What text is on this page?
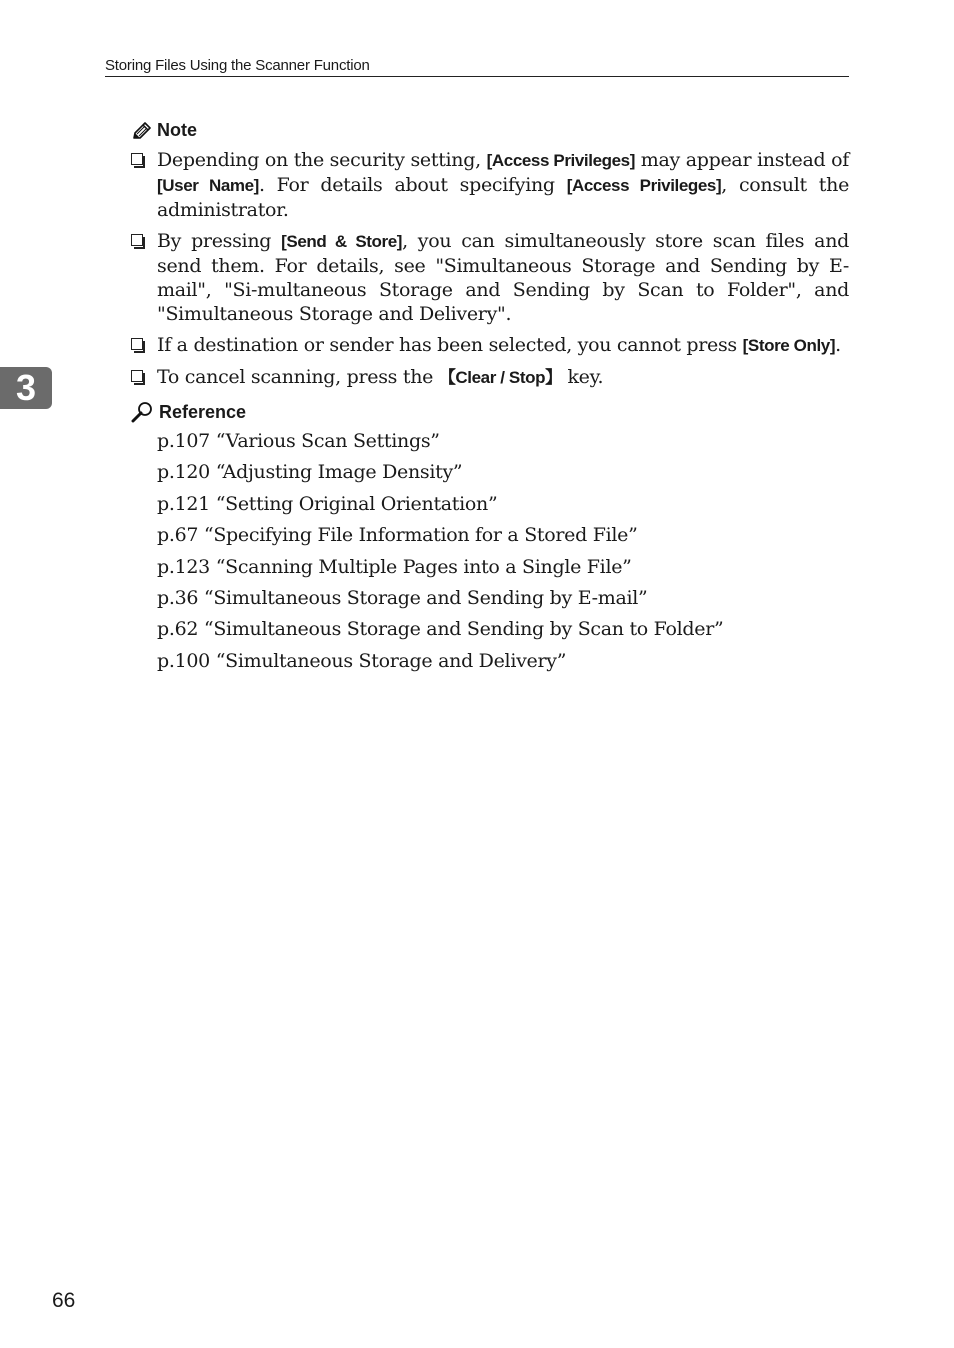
Storing Files Using the Scanner Function
3
Note
Depending on the security setting, [Access Privileges] may appear instead of [User Name]. For details about specifying [Access Privileges], consult the administrator.
By pressing [Send & Store], you can simultaneously store scan files and send them. For details, see "Simultaneous Storage and Sending by E-mail", "Si-multaneous Storage and Sending by Scan to Folder", and "Simultaneous Storage and Delivery".
If a destination or sender has been selected, you cannot press [Store Only].
To cancel scanning, press the 【Clear / Stop】 key.
Reference
p.107 “Various Scan Settings”
p.120 “Adjusting Image Density”
p.121 “Setting Original Orientation”
p.67 “Specifying File Information for a Stored File”
p.123 “Scanning Multiple Pages into a Single File”
p.36 “Simultaneous Storage and Sending by E-mail”
p.62 “Simultaneous Storage and Sending by Scan to Folder”
p.100 “Simultaneous Storage and Delivery”
66
